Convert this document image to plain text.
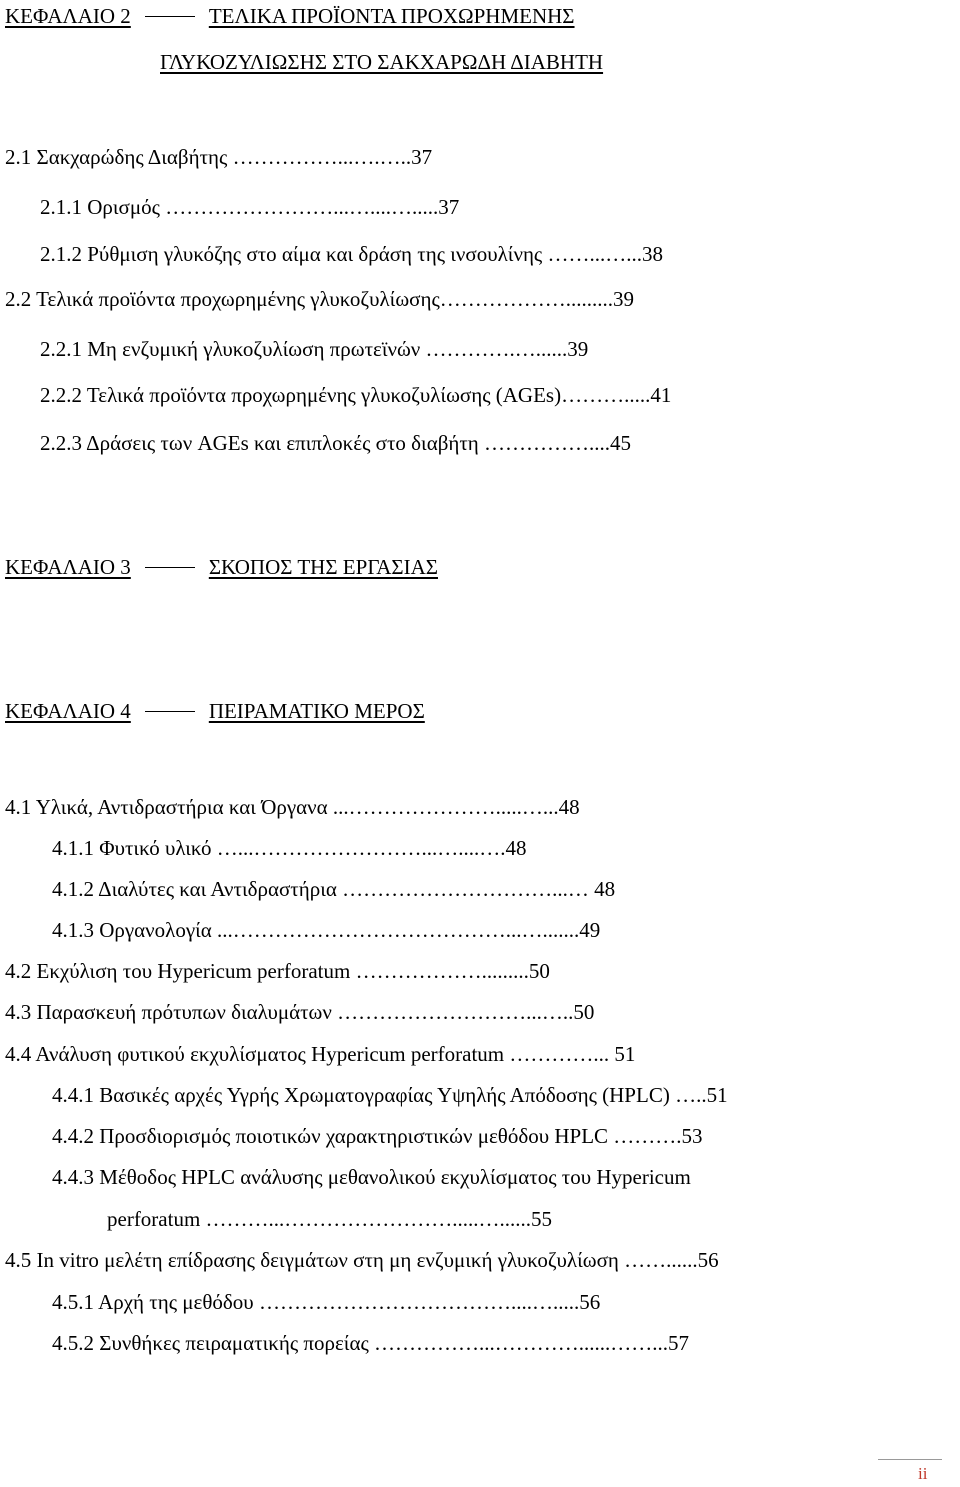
ΚΕΦΑΛΑΙΟ 2	ΤΕΛΙΚΑ ΠΡΟΪΟΝΤΑ ΠΡΟΧΩΡΗΜΕΝΗΣ
ΓΛΥΚΟΖΥΛΙΩΣΗΣ ΣΤΟ ΣΑΚΧΑΡΩΔΗ ΔΙΑΒΗΤΗ
2.1 Σακχαρώδης Διαβήτης ……………...….…..37
2.1.1 Ορισμός ……………………...…....….....37
2.1.2 Ρύθμιση γλυκόζης στο αίμα και δράση της ινσουλίνης ……...…...38
2.2 Τελικά προϊόντα προχωρημένης γλυκοζυλίωσης……………….........39
2.2.1 Μη ενζυμική γλυκοζυλίωση πρωτεϊνών ………….…......39
2.2.2 Τελικά προϊόντα προχωρημένης γλυκοζυλίωσης (AGEs)……….....41
2.2.3 Δράσεις των AGEs και επιπλοκές στο διαβήτη ……………....45
ΚΕΦΑΛΑΙΟ 3	ΣΚΟΠΟΣ ΤΗΣ ΕΡΓΑΣΙΑΣ
ΚΕΦΑΛΑΙΟ 4	ΠΕΙΡΑΜΑΤΙΚΟ ΜΕΡΟΣ
4.1 Υλικά, Αντιδραστήρια και Όργανα ...………………….....…...48
4.1.1 Φυτικό υλικό …...……………………...…....….48
4.1.2 Διαλύτες και Αντιδραστήρια …………………………...… 48
4.1.3 Οργανολογία ...…………………………………...….......49
4.2 Εκχύλιση του Hypericum perforatum ……………….........50
4.3 Παρασκευή πρότυπων διαλυμάτων ………………………...…..50
4.4 Ανάλυση φυτικού εκχυλίσματος Hypericum perforatum …………... 51
4.4.1 Βασικές αρχές Υγρής Χρωματογραφίας Υψηλής Απόδοσης (HPLC) …..51
4.4.2 Προσδιορισμός ποιοτικών χαρακτηριστικών μεθόδου HPLC ……….53
4.4.3 Μέθοδος HPLC ανάλυσης μεθανολικού εκχυλίσματος του Hypericum
perforatum ………...…………………….....…......55
4.5 In vitro μελέτη επίδρασης δειγμάτων στη μη ενζυμική γλυκοζυλίωση ……......56
4.5.1 Αρχή της μεθόδου ………………………………....….....56
4.5.2 Συνθήκες πειραματικής πορείας ……………...…………......……...57
ii
